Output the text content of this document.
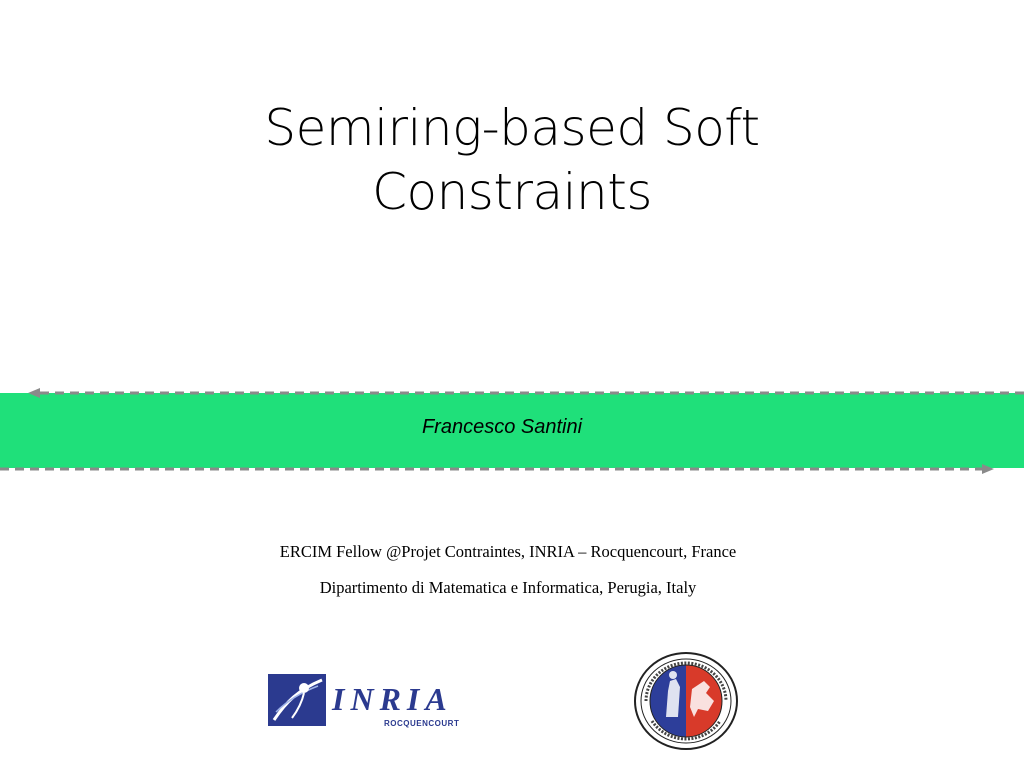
Semiring-based Soft
Constraints
Francesco Santini
ERCIM Fellow @Projet Contraintes, INRIA – Rocquencourt, France
Dipartimento di Matematica e Informatica, Perugia, Italy
INRIA
ROCQUENCOURT
